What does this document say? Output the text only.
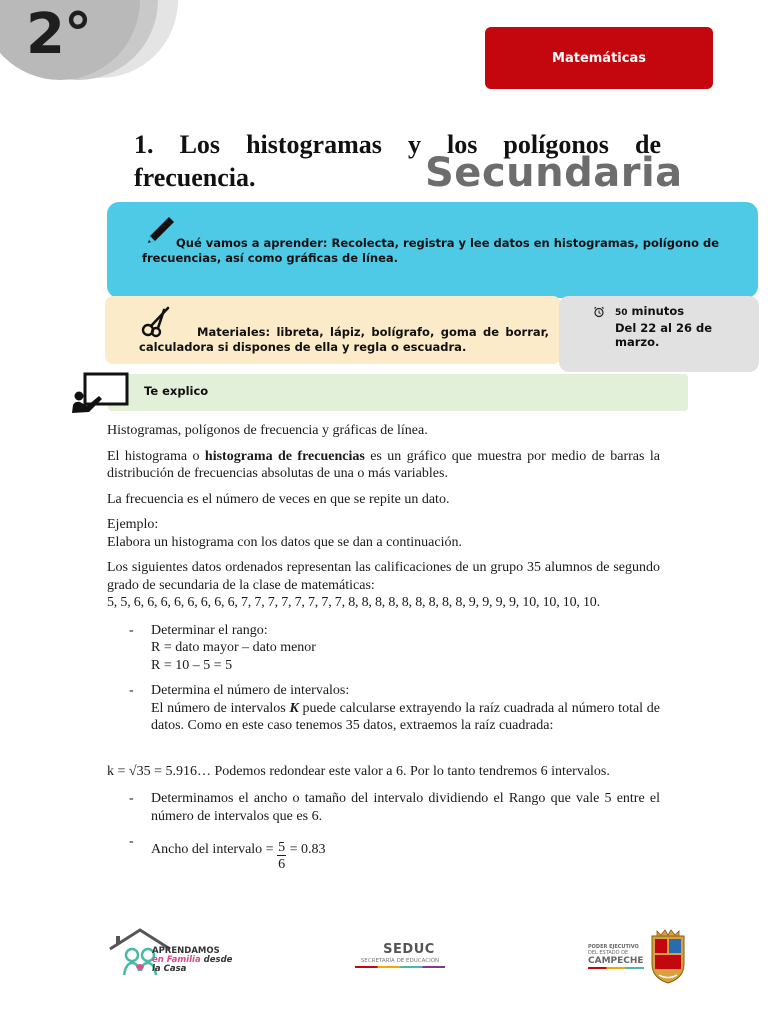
2°	Matemáticas
1. Los histogramas y los polígonos de frecuencia.	Secundaria
Qué vamos a aprender: Recolecta, registra y lee datos en histogramas, polígono de frecuencias, así como gráficas de línea.
Materiales: libreta, lápiz, bolígrafo, goma de borrar, calculadora si dispones de ella y regla o escuadra.
50 minutos
Del 22 al 26 de
marzo.
Te explico

Histogramas, polígonos de frecuencia y gráficas de línea.

El histograma o histograma de frecuencias es un gráfico que muestra por medio de barras la distribución de frecuencias absolutas de una o más variables.

La frecuencia es el número de veces en que se repite un dato.

Ejemplo:
Elabora un histograma con los datos que se dan a continuación.

Los siguientes datos ordenados representan las calificaciones de un grupo 35 alumnos de segundo grado de secundaria de la clase de matemáticas:
5, 5, 6, 6, 6, 6, 6, 6, 6, 6, 7, 7, 7, 7, 7, 7, 7, 7, 8, 8, 8, 8, 8, 8, 8, 8, 8, 9, 9, 9, 9, 10, 10, 10, 10.

-	Determinar el rango:
R = dato mayor – dato menor
R = 10 – 5 = 5
-	Determina el número de intervalos:
El número de intervalos K puede calcularse extrayendo la raíz cuadrada al número total de datos. Como en este caso tenemos 35 datos, extraemos la raíz cuadrada:

k = √35 = 5.916… Podemos redondear este valor a 6. Por lo tanto tendremos 6 intervalos.

-	Determinamos el ancho o tamaño del intervalo dividiendo el Rango que vale 5 entre el número de intervalos que es 6.
-
Ancho del intervalo = $\frac{5}{6} = 0.83$
APRENDAMOS
en Familia desde
la Casa
SEDUC
SECRETARÍA DE EDUCACIÓN
PODER EJECUTIVO
DEL ESTADO DE
CAMPECHE
